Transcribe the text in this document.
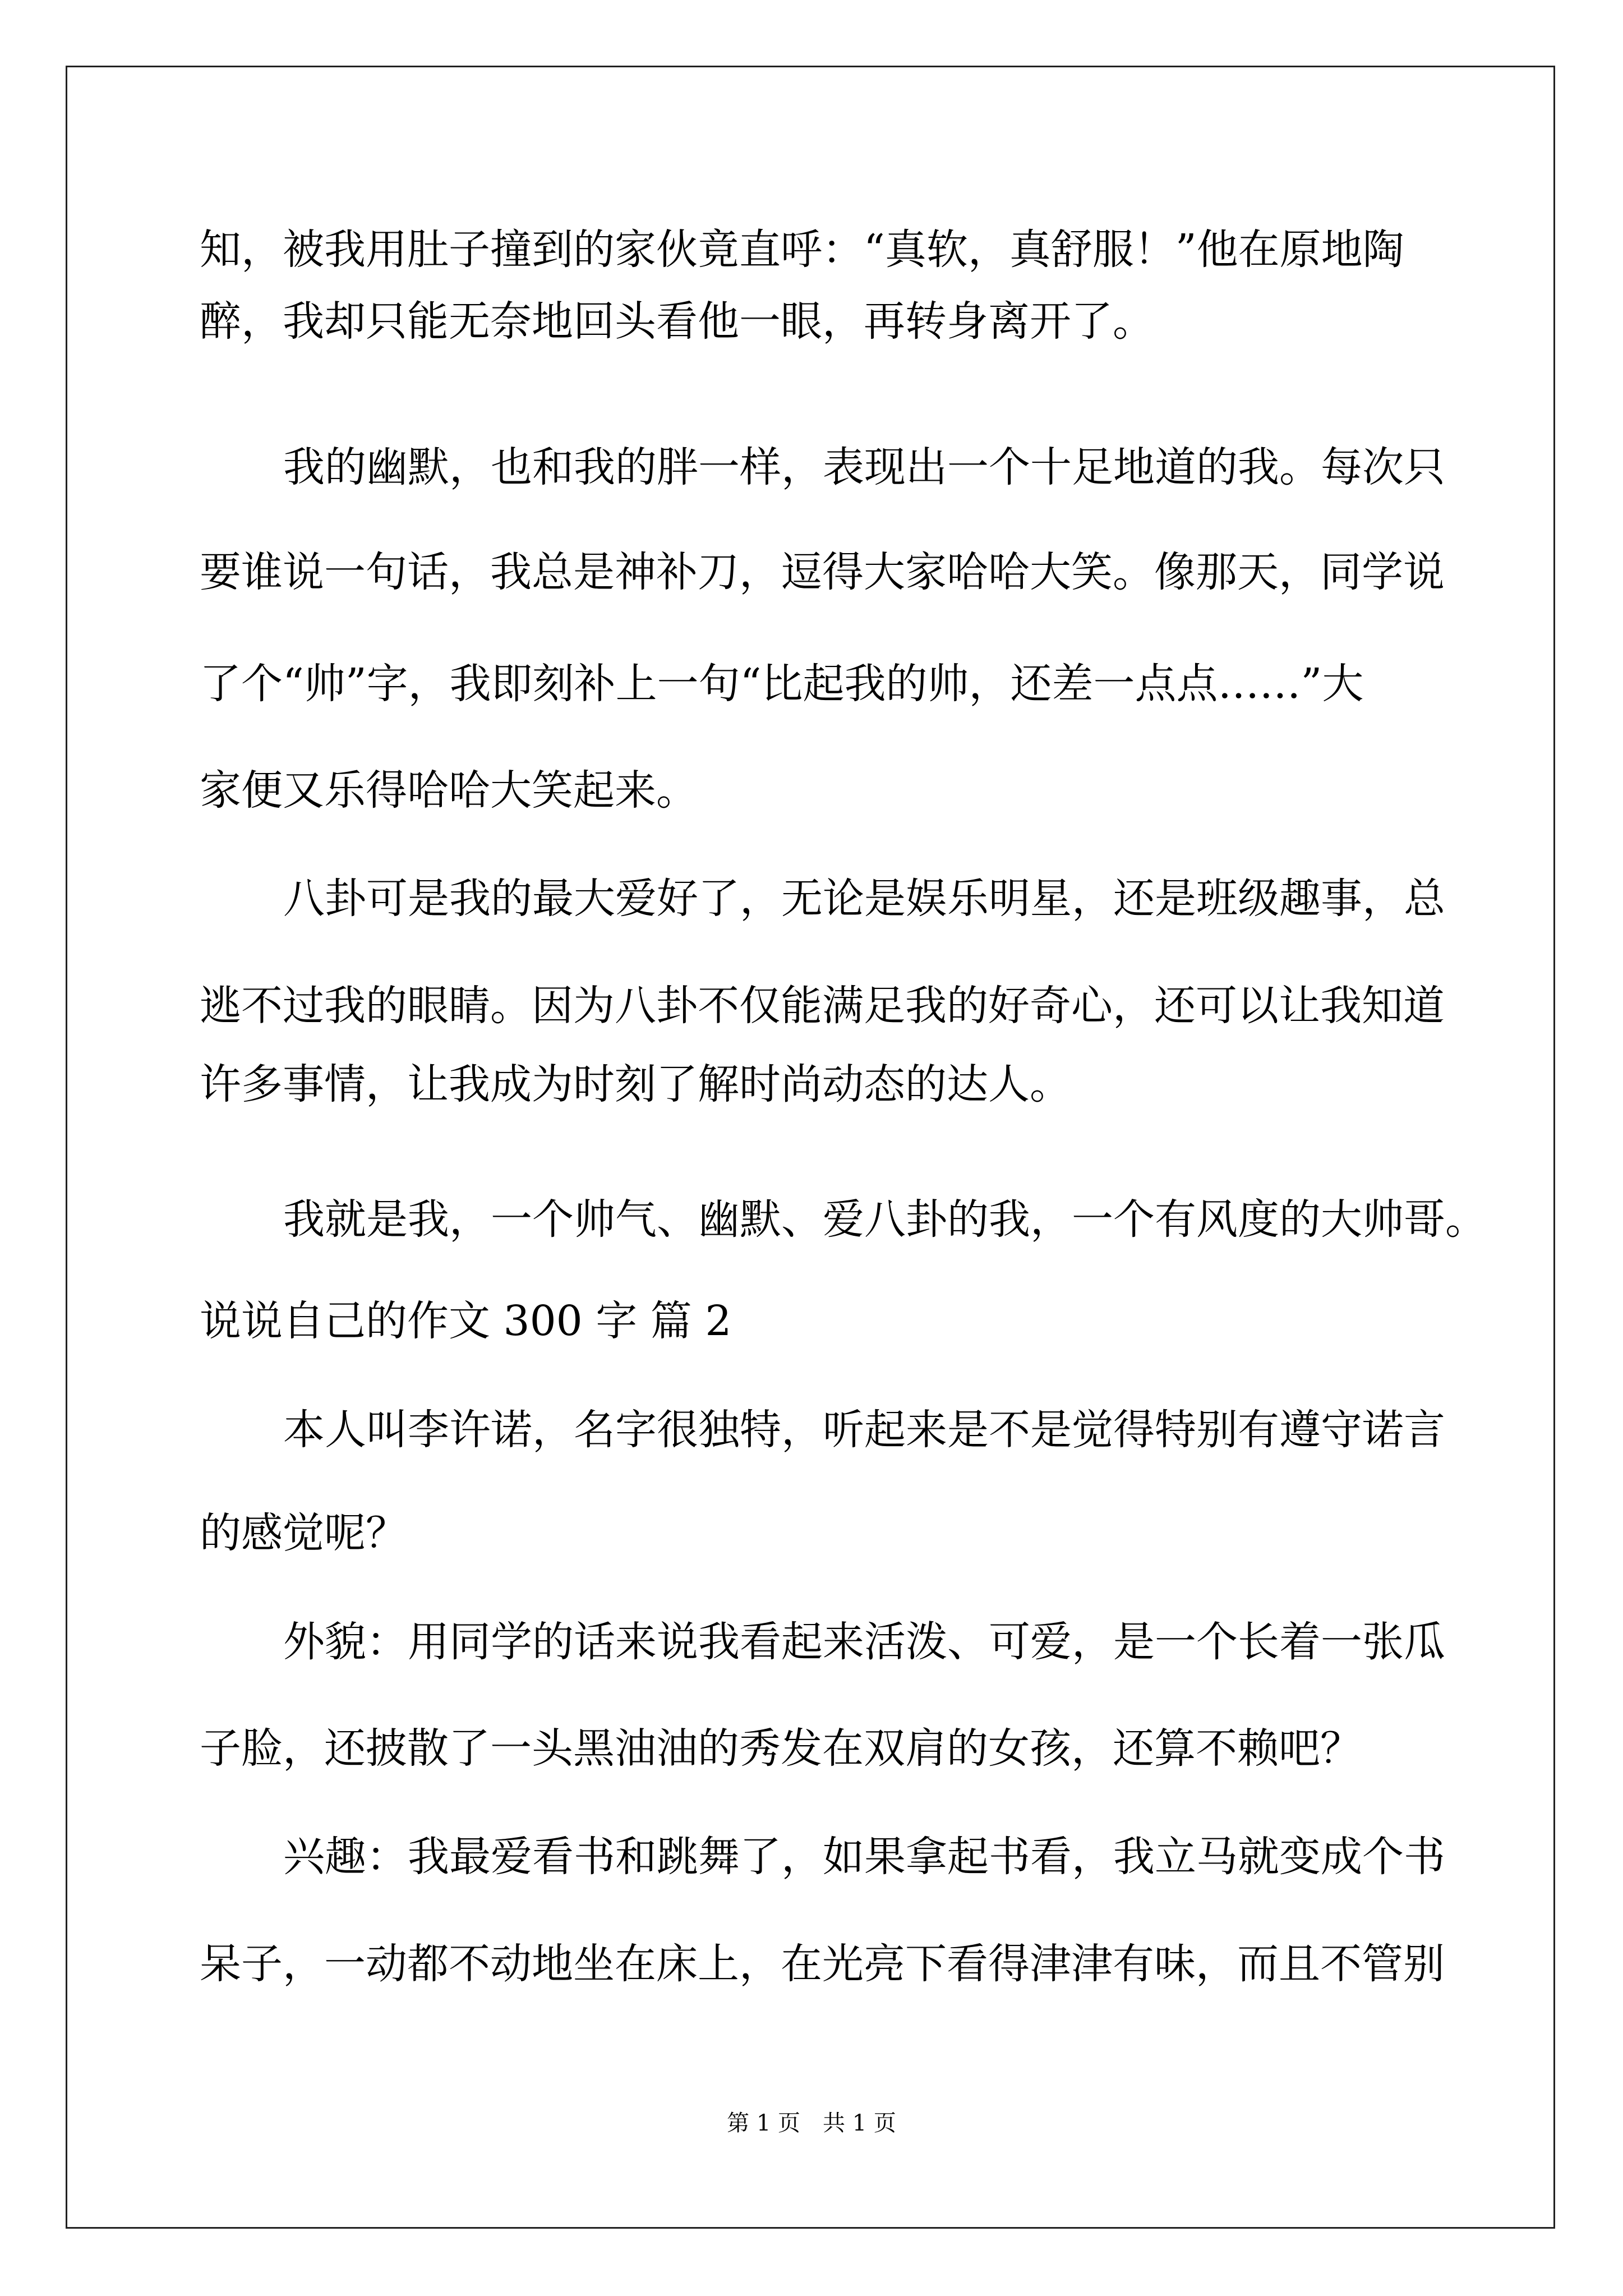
知，被我用肚子撞到的家伙竟直呼：“真软，真舒服！”他在原地陶
醉，我却只能无奈地回头看他一眼，再转身离开了。
我的幽默，也和我的胖一样，表现出一个十足地道的我。每次只
要谁说一句话，我总是神补刀，逗得大家哈哈大笑。像那天，同学说
了个“帅”字，我即刻补上一句“比起我的帅，还差一点点……”大
家便又乐得哈哈大笑起来。
八卦可是我的最大爱好了，无论是娱乐明星，还是班级趣事，总
逃不过我的眼睛。因为八卦不仅能满足我的好奇心，还可以让我知道
许多事情，让我成为时刻了解时尚动态的达人。
我就是我，一个帅气、幽默、爱八卦的我，一个有风度的大帅哥。
说说自己的作文 300 字 篇 2
本人叫李许诺，名字很独特，听起来是不是觉得特别有遵守诺言
的感觉呢？
外貌：用同学的话来说我看起来活泼、可爱，是一个长着一张瓜
子脸，还披散了一头黑油油的秀发在双肩的女孩，还算不赖吧？
兴趣：我最爱看书和跳舞了，如果拿起书看，我立马就变成个书
呆子，一动都不动地坐在床上，在光亮下看得津津有味，而且不管别
第 1 页　共 1 页
